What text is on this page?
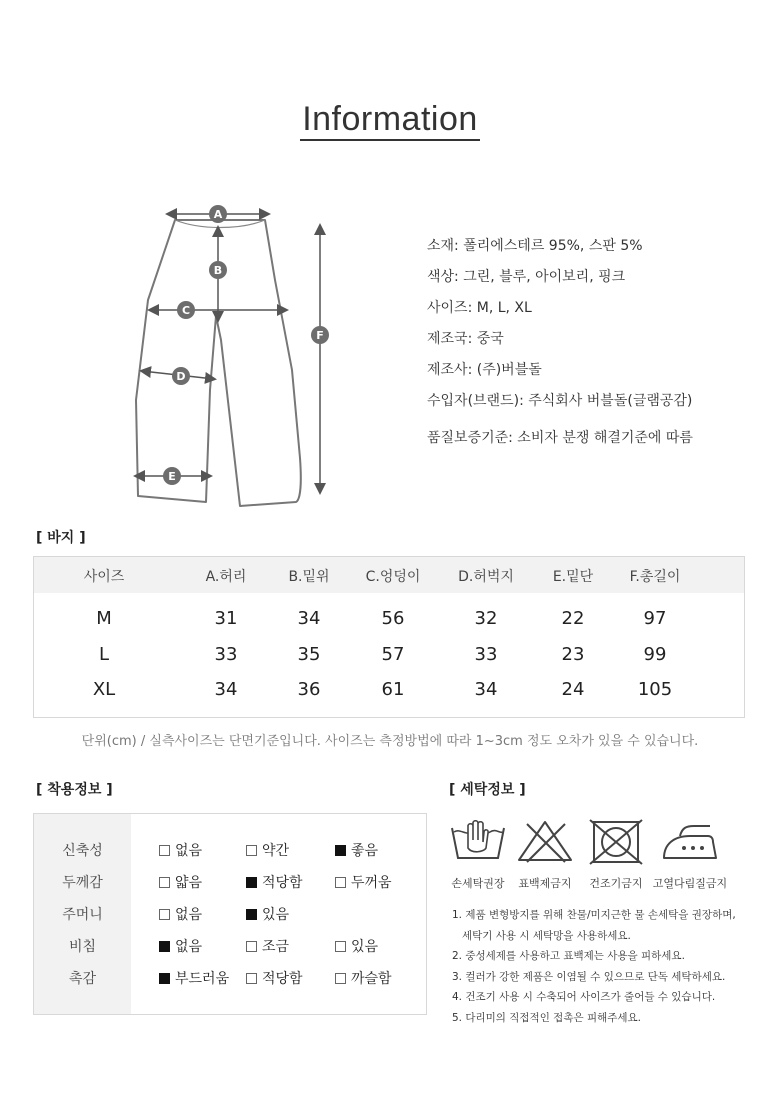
Information
A
B
C
D
E
F
소재: 폴리에스테르 95%, 스판 5%
색상: 그린, 블루, 아이보리, 핑크
사이즈: M, L, XL
제조국: 중국
제조사: (주)버블돌
수입자(브랜드): 주식회사 버블돌(글램공감)
품질보증기준: 소비자 분쟁 해결기준에 따름
[ 바지 ]
사이즈	A.허리	B.밑위	C.엉덩이	D.허벅지	E.밑단	F.총길이
M	31	34	56	32	22	97
L	33	35	57	33	23	99
XL	34	36	61	34	24	105
단위(cm) / 실측사이즈는 단면기준입니다. 사이즈는 측정방법에 따라 1~3cm 정도 오차가 있을 수 있습니다.
[ 착용정보 ]
신축성	없음	약간	좋음
두께감	얇음	적당함	두꺼움
주머니	없음	있음
비침	없음	조금	있음
촉감	부드러움	적당함	까슬함
[ 세탁정보 ]
손세탁권장 표백제금지 건조기금지 고열다림질금지
1. 제품 변형방지를 위해 찬물/미지근한 물 손세탁을 권장하며,
세탁기 사용 시 세탁망을 사용하세요.
2. 중성세제를 사용하고 표백제는 사용을 피하세요.
3. 컬러가 강한 제품은 이염될 수 있으므로 단독 세탁하세요.
4. 건조기 사용 시 수축되어 사이즈가 줄어들 수 있습니다.
5. 다리미의 직접적인 접촉은 피해주세요.
